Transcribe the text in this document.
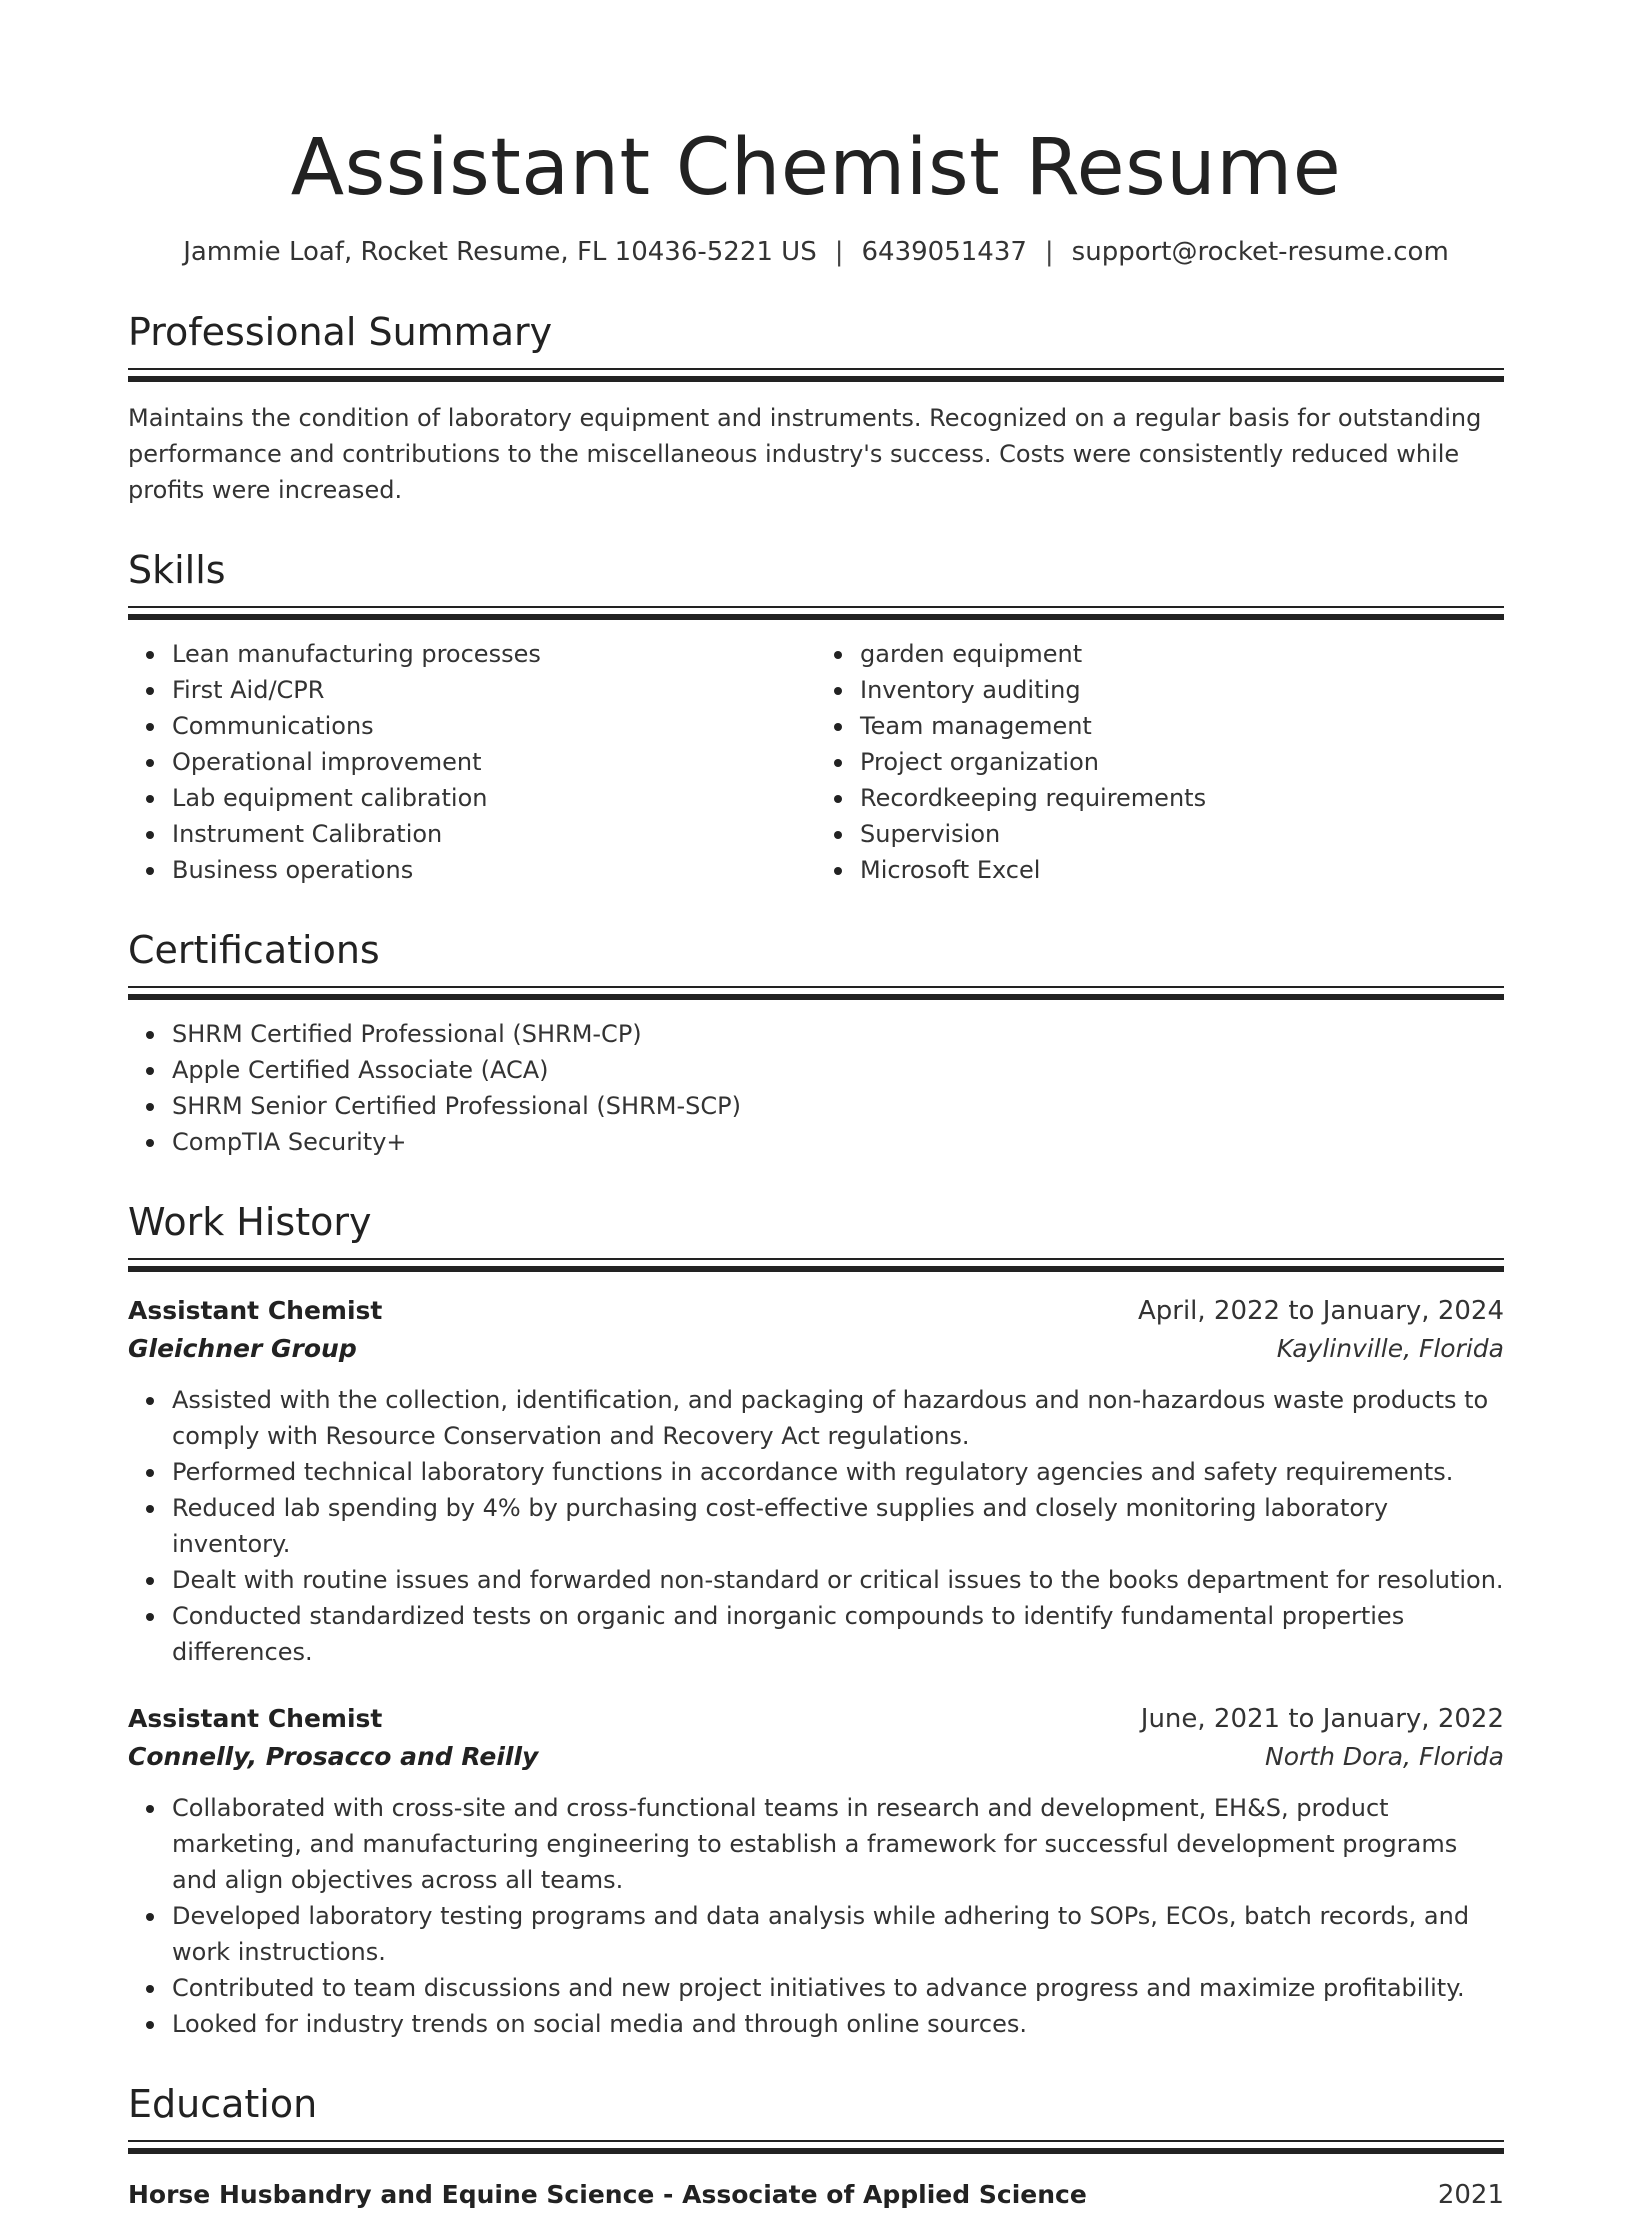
Assistant Chemist Resume
Jammie Loaf, Rocket Resume, FL 10436-5221 US | 6439051437 | support@rocket-resume.com
Professional Summary
Maintains the condition of laboratory equipment and instruments. Recognized on a regular basis for outstanding performance and contributions to the miscellaneous industry's success. Costs were consistently reduced while profits were increased.
Skills
Lean manufacturing processes
First Aid/CPR
Communications
Operational improvement
Lab equipment calibration
Instrument Calibration
Business operations
garden equipment
Inventory auditing
Team management
Project organization
Recordkeeping requirements
Supervision
Microsoft Excel
Certifications
SHRM Certified Professional (SHRM-CP)
Apple Certified Associate (ACA)
SHRM Senior Certified Professional (SHRM-SCP)
CompTIA Security+
Work History
Assistant Chemist	April, 2022 to January, 2024
Gleichner Group	Kaylinville, Florida
Assisted with the collection, identification, and packaging of hazardous and non-hazardous waste products to comply with Resource Conservation and Recovery Act regulations.
Performed technical laboratory functions in accordance with regulatory agencies and safety requirements.
Reduced lab spending by 4% by purchasing cost-effective supplies and closely monitoring laboratory inventory.
Dealt with routine issues and forwarded non-standard or critical issues to the books department for resolution.
Conducted standardized tests on organic and inorganic compounds to identify fundamental properties differences.
Assistant Chemist	June, 2021 to January, 2022
Connelly, Prosacco and Reilly	North Dora, Florida
Collaborated with cross-site and cross-functional teams in research and development, EH&S, product marketing, and manufacturing engineering to establish a framework for successful development programs and align objectives across all teams.
Developed laboratory testing programs and data analysis while adhering to SOPs, ECOs, batch records, and work instructions.
Contributed to team discussions and new project initiatives to advance progress and maximize profitability.
Looked for industry trends on social media and through online sources.
Education
Horse Husbandry and Equine Science - Associate of Applied Science	2021
